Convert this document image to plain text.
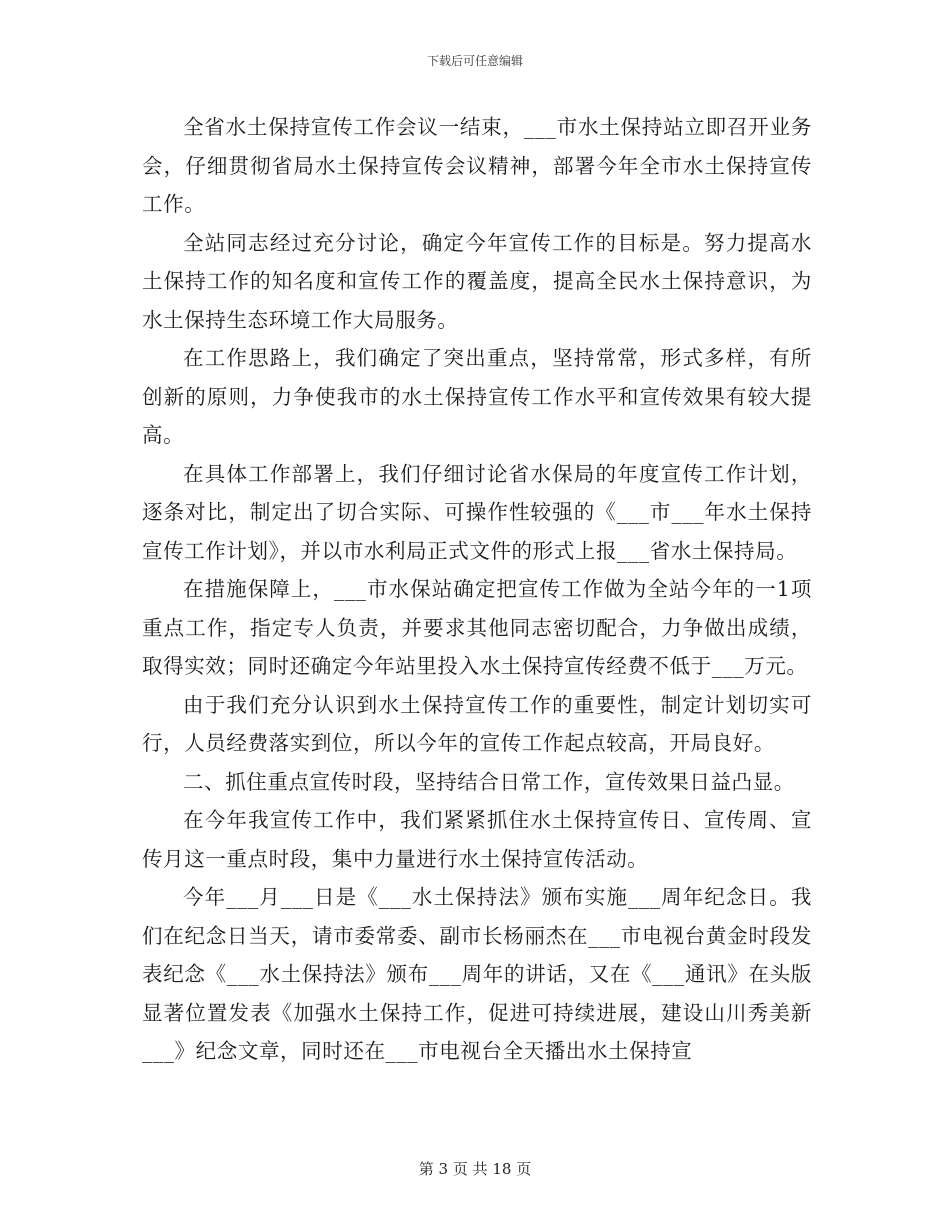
下载后可任意编辑

全省水土保持宣传工作会议一结束，___市水土保持站立即召开业务会，仔细贯彻省局水土保持宣传会议精神，部署今年全市水土保持宣传工作。

全站同志经过充分讨论，确定今年宣传工作的目标是。努力提高水土保持工作的知名度和宣传工作的覆盖度，提高全民水土保持意识，为水土保持生态环境工作大局服务。

在工作思路上，我们确定了突出重点，坚持常常，形式多样，有所创新的原则，力争使我市的水土保持宣传工作水平和宣传效果有较大提高。

在具体工作部署上，我们仔细讨论省水保局的年度宣传工作计划，逐条对比，制定出了切合实际、可操作性较强的《___市___年水土保持宣传工作计划》，并以市水利局正式文件的形式上报___省水土保持局。

在措施保障上，___市水保站确定把宣传工作做为全站今年的一1项重点工作，指定专人负责，并要求其他同志密切配合，力争做出成绩，取得实效；同时还确定今年站里投入水土保持宣传经费不低于___万元。

由于我们充分认识到水土保持宣传工作的重要性，制定计划切实可行，人员经费落实到位，所以今年的宣传工作起点较高，开局良好。

二、抓住重点宣传时段，坚持结合日常工作，宣传效果日益凸显。

在今年我宣传工作中，我们紧紧抓住水土保持宣传日、宣传周、宣传月这一重点时段，集中力量进行水土保持宣传活动。

今年___月___日是《___水土保持法》颁布实施___周年纪念日。我们在纪念日当天，请市委常委、副市长杨丽杰在___市电视台黄金时段发表纪念《___水土保持法》颁布___周年的讲话，又在《___通讯》在头版显著位置发表《加强水土保持工作，促进可持续进展，建设山川秀美新___》纪念文章，同时还在___市电视台全天播出水土保持宣

第 3 页 共 18 页
